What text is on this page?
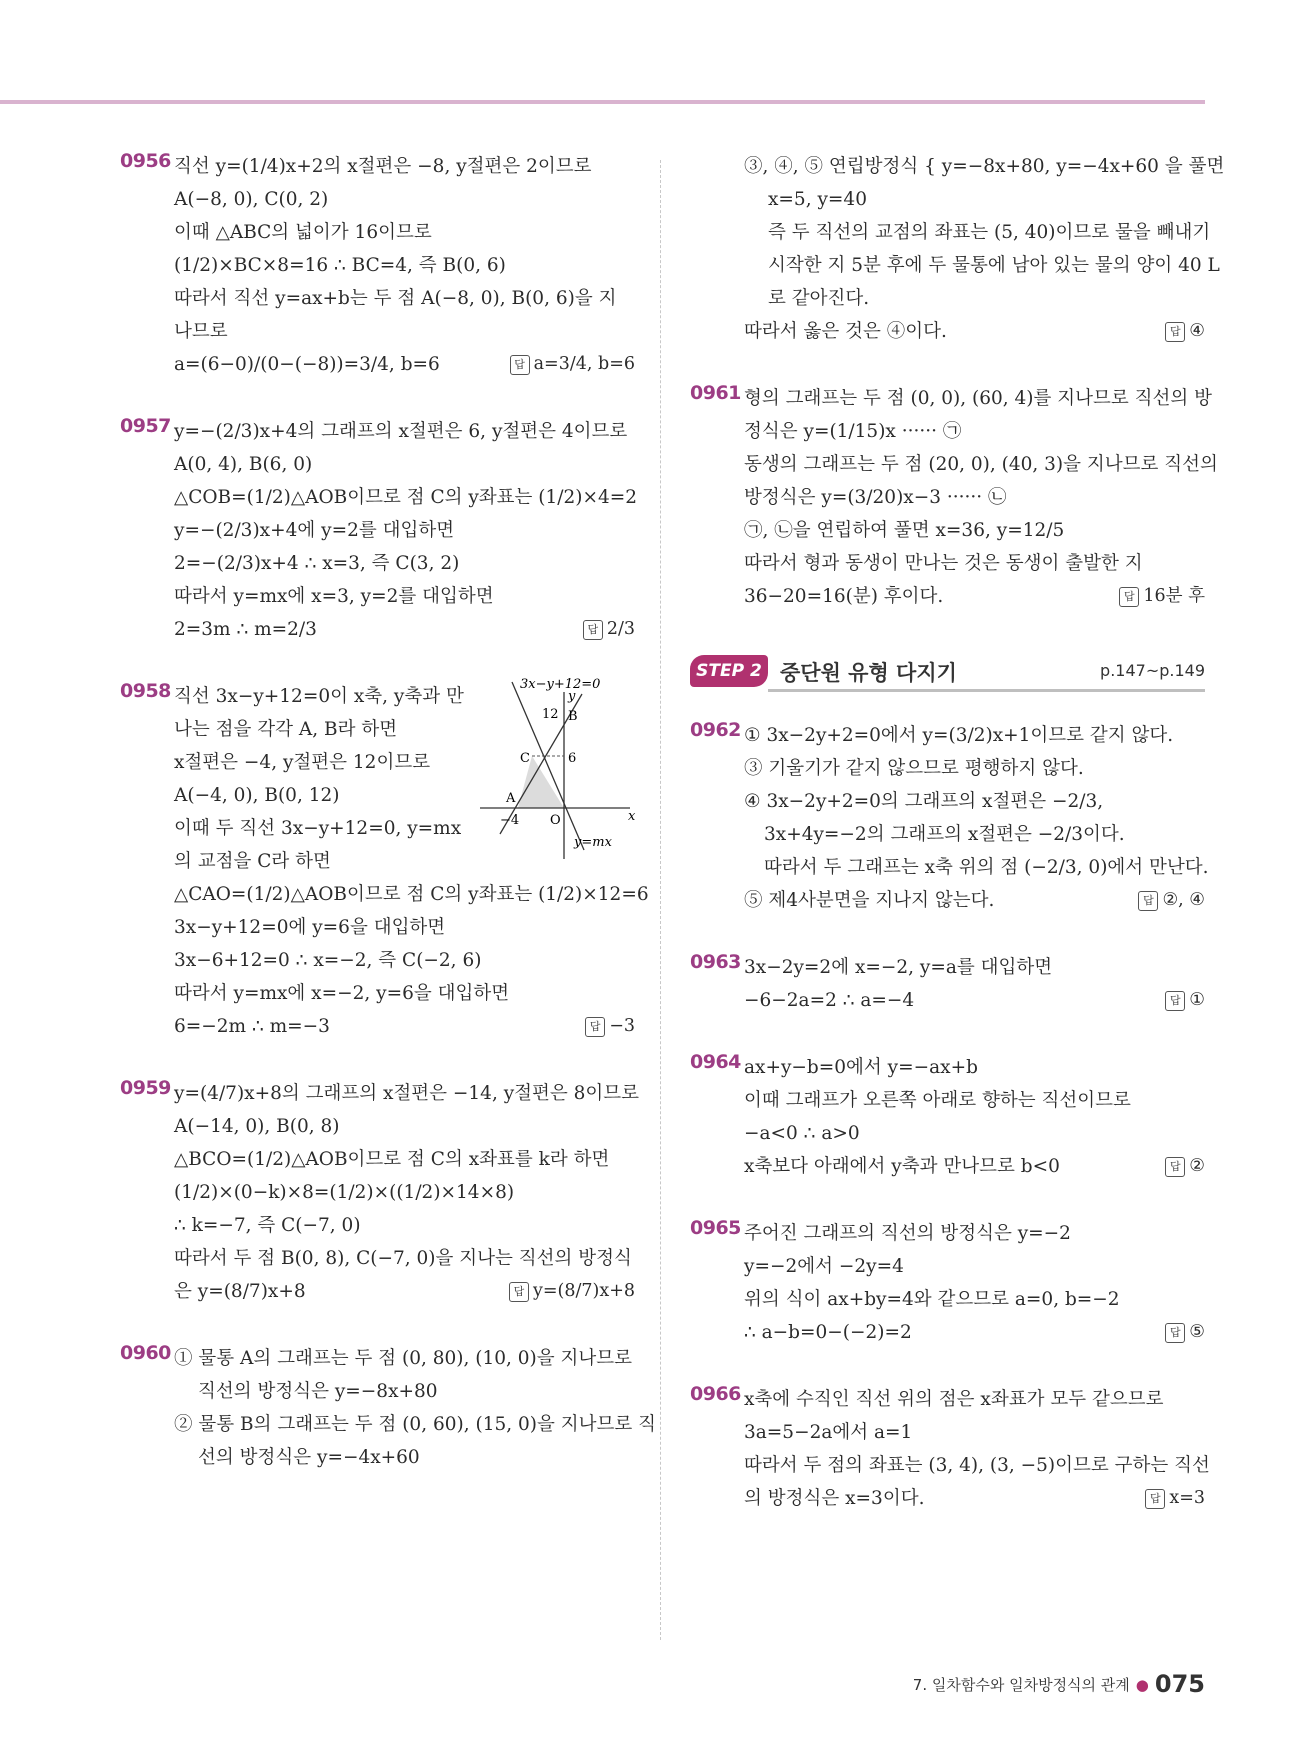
0956 직선 y=(1/4)x+2의 x절편은 −8, y절편은 2이므로
A(−8, 0), C(0, 2)
이때 △ABC의 넓이가 16이므로
(1/2)×BC×8=16 ∴ BC=4, 즉 B(0, 6)
따라서 직선 y=ax+b는 두 점 A(−8, 0), B(0, 6)을 지
나므로
a=(6−0)/(0−(−8))=3/4, b=6	답 a=3/4, b=6
0957 y=−(2/3)x+4의 그래프의 x절편은 6, y절편은 4이므로
A(0, 4), B(6, 0)
△COB=(1/2)△AOB이므로 점 C의 y좌표는 (1/2)×4=2
y=−(2/3)x+4에 y=2를 대입하면
2=−(2/3)x+4 ∴ x=3, 즉 C(3, 2)
따라서 y=mx에 x=3, y=2를 대입하면
2=3m ∴ m=2/3	답 2/3
0958	3x−y+12=0
y
x
12 B
C	6
A
−4 O
y=mx
직선 3x−y+12=0이 x축, y축과 만
나는 점을 각각 A, B라 하면
x절편은 −4, y절편은 12이므로
A(−4, 0), B(0, 12)
이때 두 직선 3x−y+12=0, y=mx
의 교점을 C라 하면
△CAO=(1/2)△AOB이므로 점 C의 y좌표는 (1/2)×12=6
3x−y+12=0에 y=6을 대입하면
3x−6+12=0 ∴ x=−2, 즉 C(−2, 6)
따라서 y=mx에 x=−2, y=6을 대입하면
6=−2m ∴ m=−3	답 −3
0959 y=(4/7)x+8의 그래프의 x절편은 −14, y절편은 8이므로
A(−14, 0), B(0, 8)
△BCO=(1/2)△AOB이므로 점 C의 x좌표를 k라 하면
(1/2)×(0−k)×8=(1/2)×((1/2)×14×8)
∴ k=−7, 즉 C(−7, 0)
따라서 두 점 B(0, 8), C(−7, 0)을 지나는 직선의 방정식
은 y=(8/7)x+8	답 y=(8/7)x+8
0960 ① 물통 A의 그래프는 두 점 (0, 80), (10, 0)을 지나므로
직선의 방정식은 y=−8x+80
② 물통 B의 그래프는 두 점 (0, 60), (15, 0)을 지나므로 직
선의 방정식은 y=−4x+60
③, ④, ⑤ 연립방정식 { y=−8x+80, y=−4x+60 을 풀면
x=5, y=40
즉 두 직선의 교점의 좌표는 (5, 40)이므로 물을 빼내기
시작한 지 5분 후에 두 물통에 남아 있는 물의 양이 40 L
로 같아진다.
따라서 옳은 것은 ④이다.	답 ④
0961 형의 그래프는 두 점 (0, 0), (60, 4)를 지나므로 직선의 방
정식은 y=(1/15)x ······ ㉠
동생의 그래프는 두 점 (20, 0), (40, 3)을 지나므로 직선의
방정식은 y=(3/20)x−3 ······ ㉡
㉠, ㉡을 연립하여 풀면 x=36, y=12/5
따라서 형과 동생이 만나는 것은 동생이 출발한 지
36−20=16(분) 후이다.	답 16분 후
STEP 2 중단원 유형 다지기	p.147~p.149
0962 ① 3x−2y+2=0에서 y=(3/2)x+1이므로 같지 않다.
③ 기울기가 같지 않으므로 평행하지 않다.
④ 3x−2y+2=0의 그래프의 x절편은 −2/3,
3x+4y=−2의 그래프의 x절편은 −2/3이다.
따라서 두 그래프는 x축 위의 점 (−2/3, 0)에서 만난다.
⑤ 제4사분면을 지나지 않는다.	답 ②, ④
0963 3x−2y=2에 x=−2, y=a를 대입하면
−6−2a=2 ∴ a=−4	답 ①
0964 ax+y−b=0에서 y=−ax+b
이때 그래프가 오른쪽 아래로 향하는 직선이므로
−a<0 ∴ a>0
x축보다 아래에서 y축과 만나므로 b<0	답 ②
0965 주어진 그래프의 직선의 방정식은 y=−2
y=−2에서 −2y=4
위의 식이 ax+by=4와 같으므로 a=0, b=−2
∴ a−b=0−(−2)=2	답 ⑤
0966 x축에 수직인 직선 위의 점은 x좌표가 모두 같으므로
3a=5−2a에서 a=1
따라서 두 점의 좌표는 (3, 4), (3, −5)이므로 구하는 직선
의 방정식은 x=3이다.	답 x=3
7. 일차함수와 일차방정식의 관계 ● 075
